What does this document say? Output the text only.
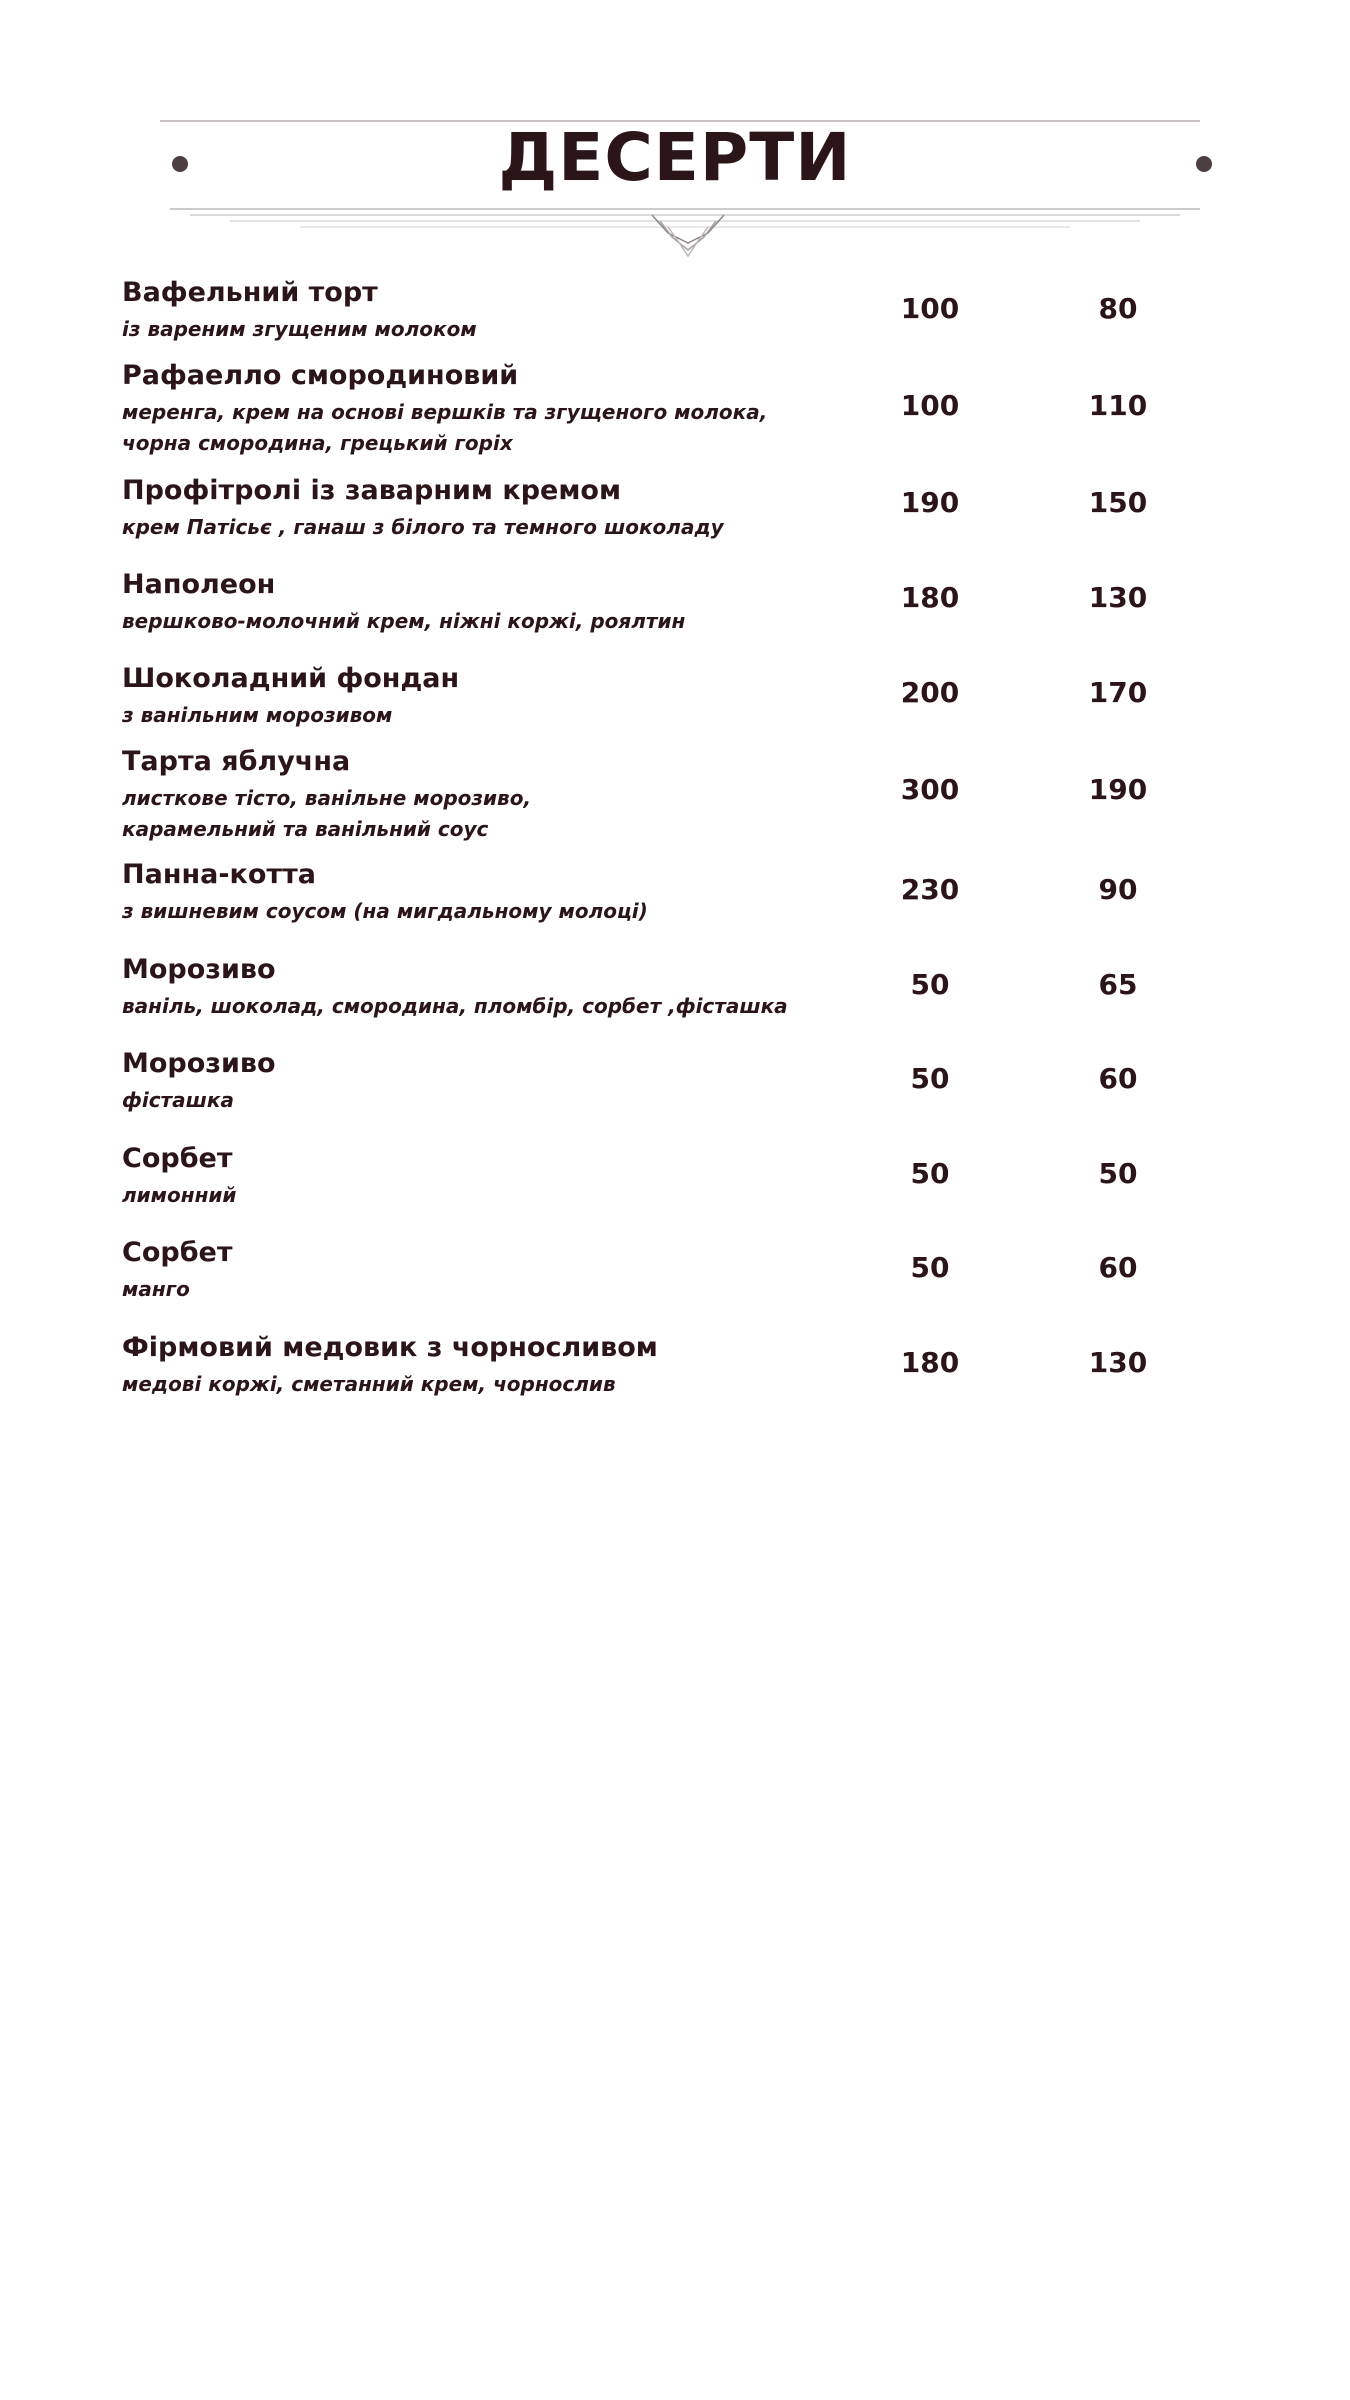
ДЕСЕРТИ
Вафельний торт
із вареним згущеним молоком
100	80
Рафаелло смородиновий
меренга, крем на основі вершків та згущеного молока, чорна смородина, грецький горіх
100	110
Профітролі із заварним кремом
крем Патісьє , ганаш з білого та темного шоколаду
190	150
Наполеон
вершково-молочний крем, ніжні коржі, роялтин
180	130
Шоколадний фондан
з ванільним морозивом
200	170
Тарта яблучна
листкове тісто, ванільне морозиво, карамельний та ванільний соус
300	190
Панна-котта
з вишневим соусом (на мигдальному молоці)
230	90
Морозиво
ваніль, шоколад, смородина, пломбір, сорбет ,фісташка
50	65
Морозиво
фісташка
50	60
Сорбет
лимонний
50	50
Сорбет
манго
50	60
Фірмовий медовик з чорносливом
медові коржі, сметанний крем, чорнослив
180	130
